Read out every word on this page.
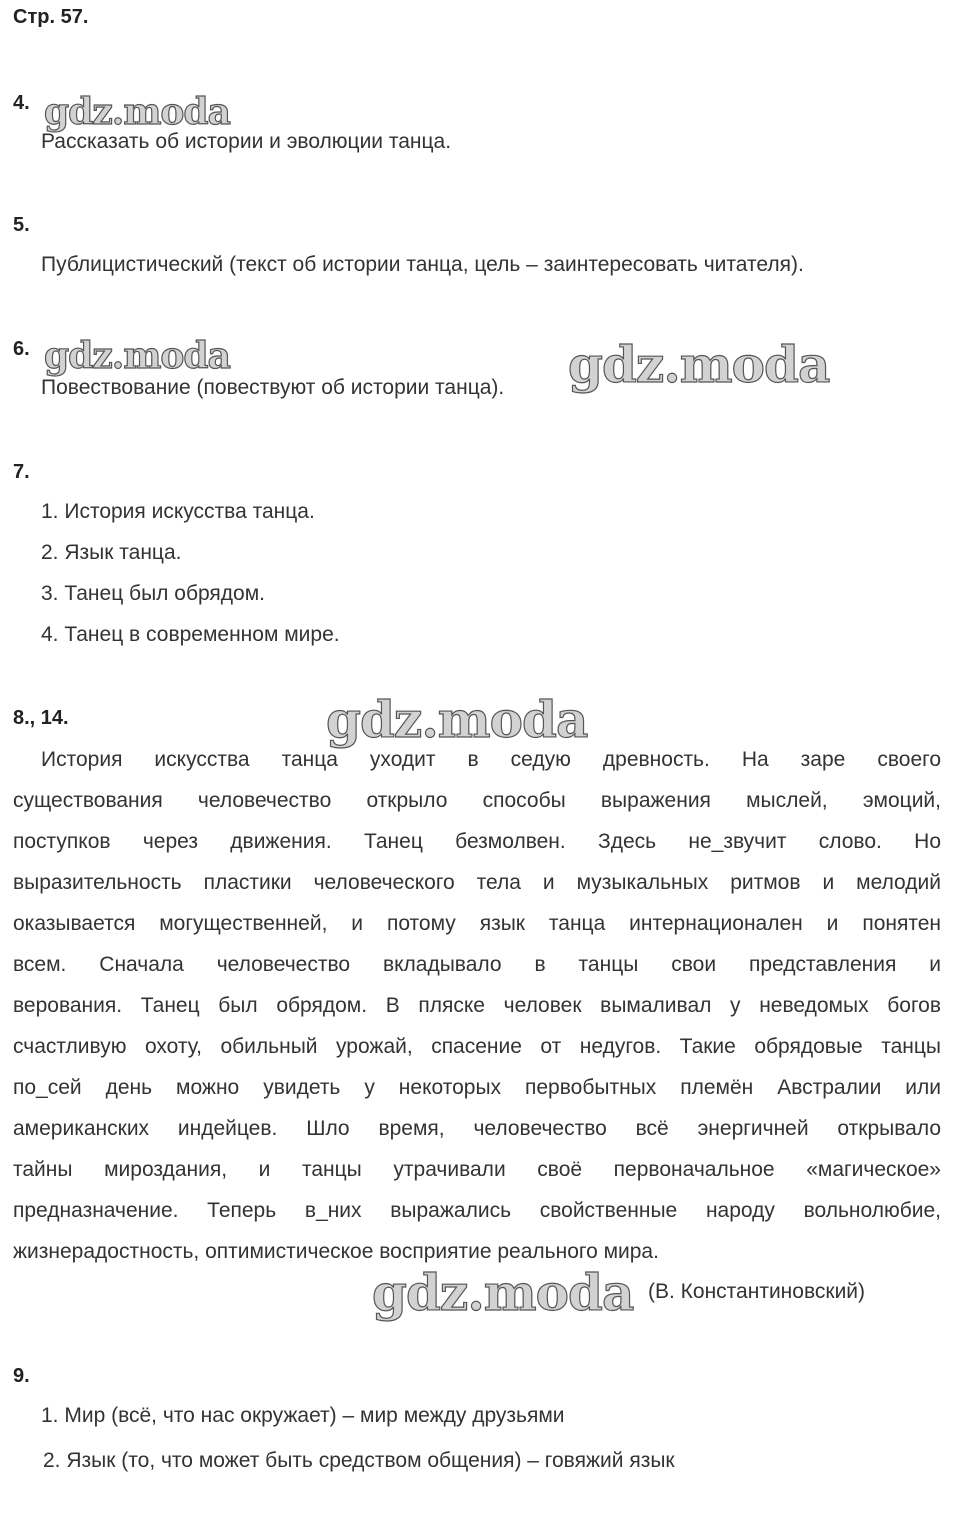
Стр. 57.
4. gdz.moda
Рассказать об истории и эволюции танца.
5.
Публицистический (текст об истории танца, цель – заинтересовать читателя).
6. gdz.moda
Повествование (повествуют об истории танца). gdz.moda
7.
1. История искусства танца.
2. Язык танца.
3. Танец был обрядом.
4. Танец в современном мире.
8., 14.	gdz.moda
История искусства танца уходит в седую древность. На заре своего
существования человечество открыло способы выражения мыслей, эмоций,
поступков через движения. Танец безмолвен. Здесь не_звучит слово. Но
выразительность пластики человеческого тела и музыкальных ритмов и мелодий
оказывается могущественней, и потому язык танца интернационален и понятен
всем. Сначала человечество вкладывало в танцы свои представления и
верования. Танец был обрядом. В пляске человек вымаливал у неведомых богов
счастливую охоту, обильный урожай, спасение от недугов. Такие обрядовые танцы
по_сей день можно увидеть у некоторых первобытных племён Австралии или
американских индейцев. Шло время, человечество всё энергичней открывало
тайны мироздания, и танцы утрачивали своё первоначальное «магическое»
предназначение. Теперь в_них выражались свойственные народу вольнолюбие,
жизнерадостность, оптимистическое восприятие реального мира.
gdz.moda (В. Константиновский)
9.
1. Мир (всё, что нас окружает) – мир между друзьями
2. Язык (то, что может быть средством общения) – говяжий язык
